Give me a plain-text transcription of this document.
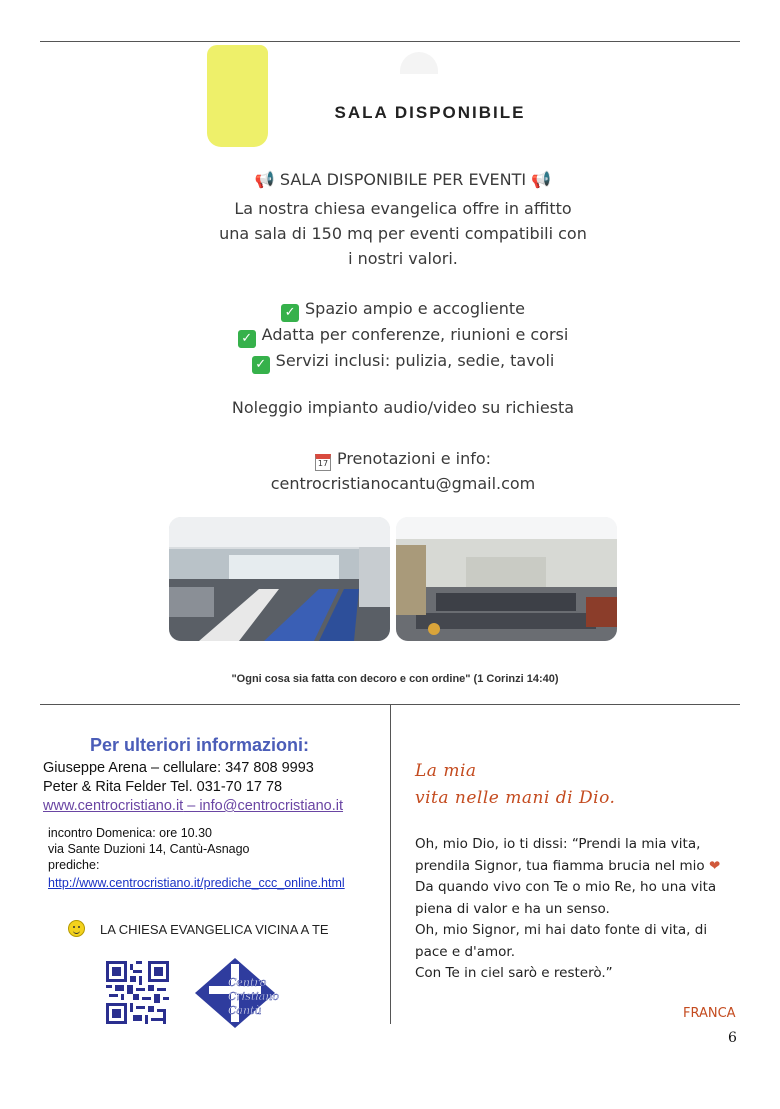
SALA DISPONIBILE
📢 SALA DISPONIBILE PER EVENTI 📢
La nostra chiesa evangelica offre in affitto
una sala di 150 mq per eventi compatibili con
i nostri valori.
✓ Spazio ampio e accogliente
✓ Adatta per conferenze, riunioni e corsi
✓ Servizi inclusi: pulizia, sedie, tavoli
Noleggio impianto audio/video su richiesta
17 Prenotazioni e info:
centrocristianocantu@gmail.com
"Ogni cosa sia fatta con decoro e con ordine" (1 Corinzi 14:40)
Per ulteriori informazioni:
Giuseppe Arena – cellulare: 347 808 9993
Peter & Rita Felder Tel. 031-70 17 78
www.centrocristiano.it – info@centrocristiano.it
incontro Domenica: ore 10.30
via Sante Duzioni 14, Cantù-Asnago
prediche:
http://www.centrocristiano.it/prediche_ccc_online.html
LA CHIESA EVANGELICA VICINA A TE
Centro
Cristiano
Cantù
La mia
vita nelle mani di Dio.
Oh, mio Dio, io ti dissi: “Prendi la mia vita,
prendila Signor, tua fiamma brucia nel mio ❤
Da quando vivo con Te o mio Re, ho una vita
piena di valor e ha un senso.
Oh, mio Signor, mi hai dato fonte di vita, di
pace e d'amor.
Con Te in ciel sarò e resterò.”
FRANCA
6
